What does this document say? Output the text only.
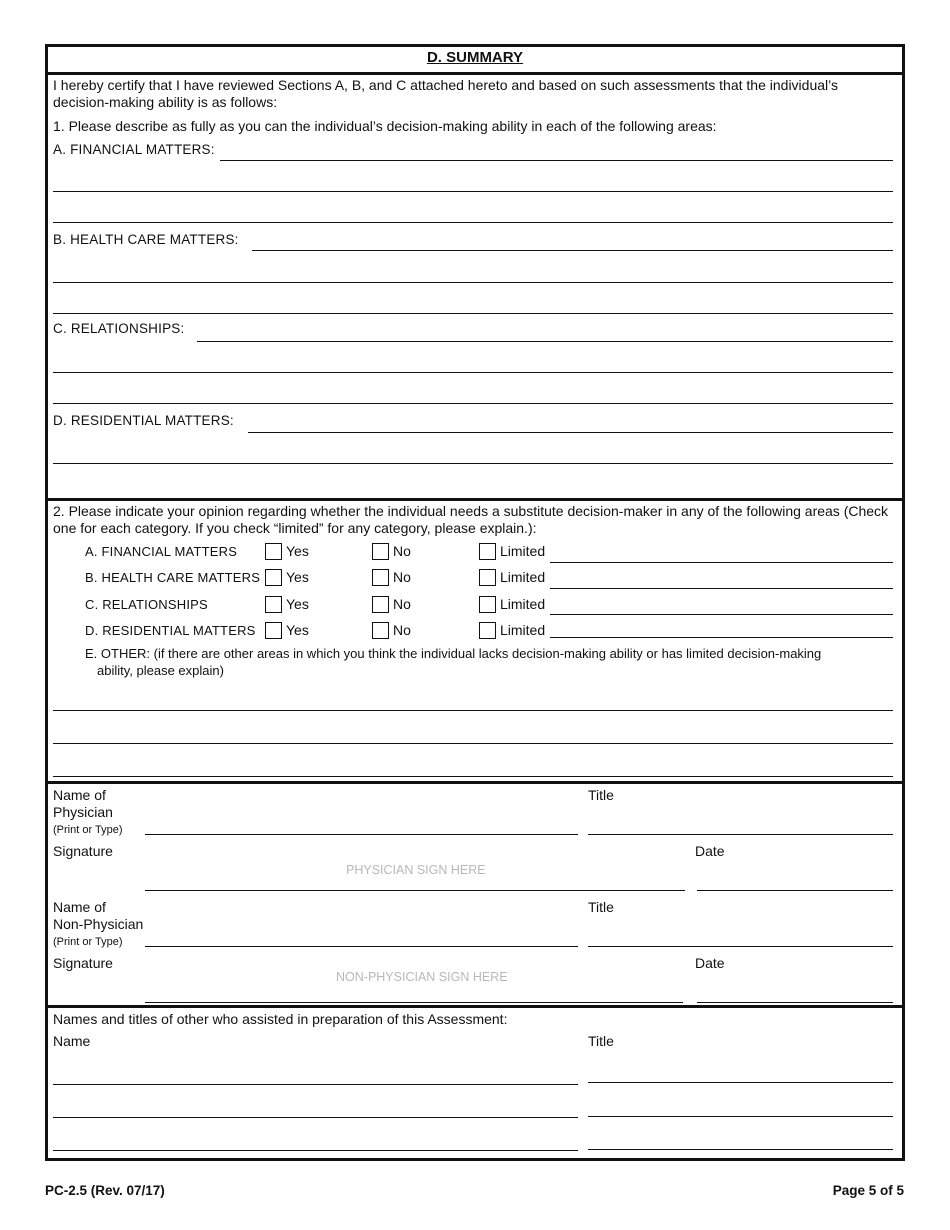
D. SUMMARY
I hereby certify that I have reviewed Sections A, B, and C attached hereto and based on such assessments that the individual’s
decision-making ability is as follows:
1. Please describe as fully as you can the individual’s decision-making ability in each of the following areas:
A. FINANCIAL MATTERS:
B. HEALTH CARE MATTERS:
C. RELATIONSHIPS:
D. RESIDENTIAL MATTERS:
2. Please indicate your opinion regarding whether the individual needs a substitute decision-maker in any of the following areas (Check
one for each category. If you check “limited” for any category, please explain.):
A. FINANCIAL MATTERS	Yes	No	Limited
B. HEALTH CARE MATTERS Yes	No	Limited
C. RELATIONSHIPS	Yes	No	Limited
D. RESIDENTIAL MATTERS Yes	No	Limited
E. OTHER: (if there are other areas in which you think the individual lacks decision-making ability or has limited decision-making
ability, please explain)
Name of
Physician
(Print or Type)
Title
Signature
PHYSICIAN SIGN HERE
Date
Name of
Non-Physician
(Print or Type)
Title
Signature
NON-PHYSICIAN SIGN HERE
Date
Names and titles of other who assisted in preparation of this Assessment:
Name	Title
PC-2.5 (Rev. 07/17)	Page 5 of 5
